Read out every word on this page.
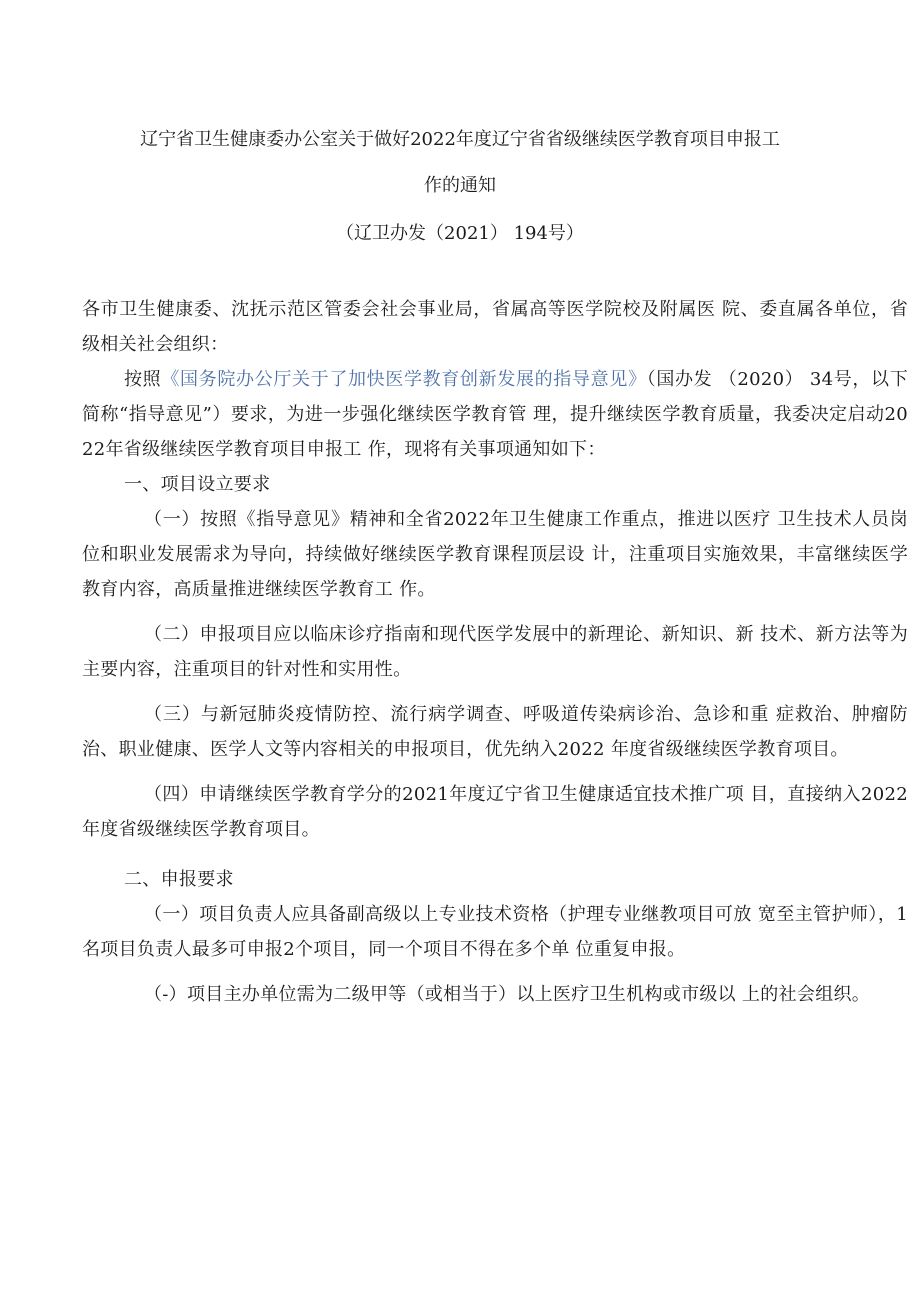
辽宁省卫生健康委办公室关于做好2022年度辽宁省省级继续医学教育项目申报工
作的通知
（辽卫办发（2021） 194号）

各市卫生健康委、沈抚示范区管委会社会事业局，省属高等医学院校及附属医 院、委直属各单位，省级相关社会组织：

按照《国务院办公厅关于了加快医学教育创新发展的指导意见》（国办发 （2020） 34号，以下简称“指导意见”）要求，为进一步强化继续医学教育管 理，提升继续医学教育质量，我委决定启动2022年省级继续医学教育项目申报工 作，现将有关事项通知如下：

一、项目设立要求

（一）按照《指导意见》精神和全省2022年卫生健康工作重点，推进以医疗 卫生技术人员岗位和职业发展需求为导向，持续做好继续医学教育课程顶层设 计，注重项目实施效果，丰富继续医学教育内容，高质量推进继续医学教育工 作。

（二）申报项目应以临床诊疗指南和现代医学发展中的新理论、新知识、新 技术、新方法等为主要内容，注重项目的针对性和实用性。

（三）与新冠肺炎疫情防控、流行病学调查、呼吸道传染病诊治、急诊和重 症救治、肿瘤防治、职业健康、医学人文等内容相关的申报项目，优先纳入2022 年度省级继续医学教育项目。

（四）申请继续医学教育学分的2021年度辽宁省卫生健康适宜技术推广项 目，直接纳入2022年度省级继续医学教育项目。

二、申报要求

（一）项目负责人应具备副高级以上专业技术资格（护理专业继教项目可放 宽至主管护师），1名项目负责人最多可申报2个项目，同一个项目不得在多个单 位重复申报。

（-）项目主办单位需为二级甲等（或相当于）以上医疗卫生机构或市级以 上的社会组织。
